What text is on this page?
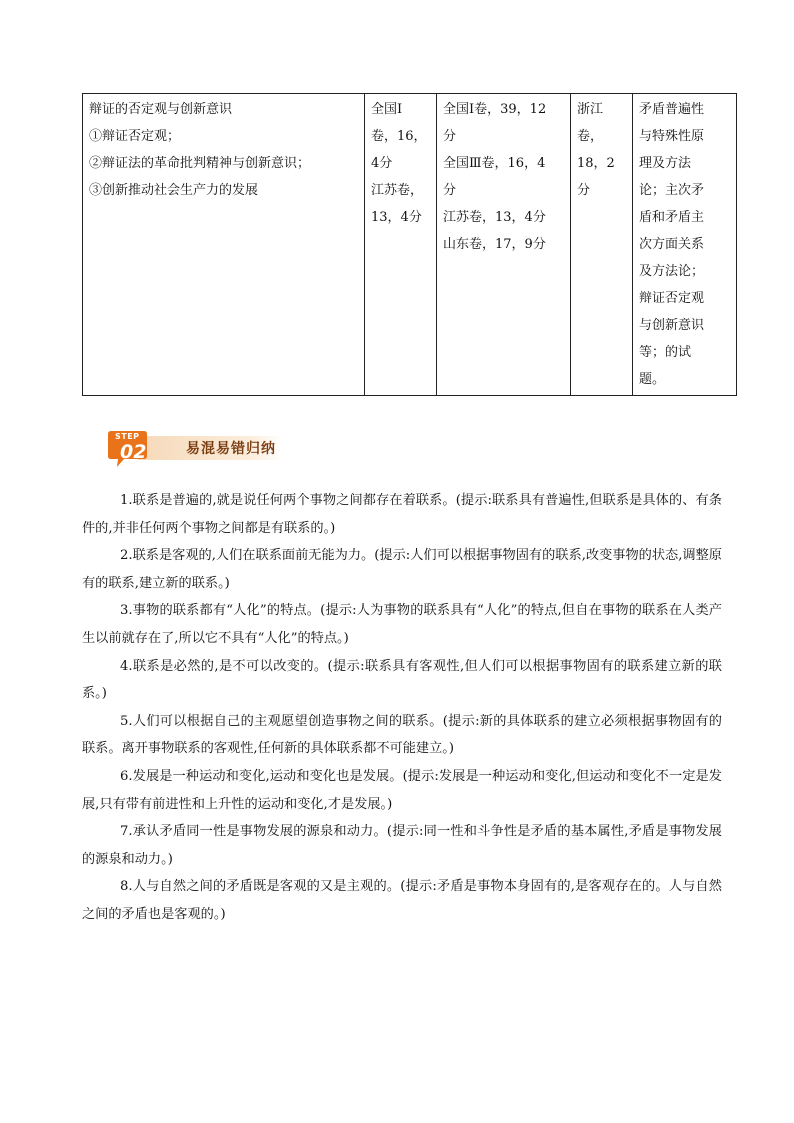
辩证的否定观与创新意识
①辩证否定观；
②辩证法的革命批判精神与创新意识；
③创新推动社会生产力的发展

全国Ⅰ
卷，16，
4分
江苏卷，
13，4分

全国Ⅰ卷，39，12
分
全国Ⅲ卷，16，4
分
江苏卷，13，4分
山东卷，17，9分

浙江
卷，
18，2
分

矛盾普遍性
与特殊性原
理及方法
论；主次矛
盾和矛盾主
次方面关系
及方法论；
辩证否定观
与创新意识
等；的试
题。
易混易错归纳
STEP
02

1.联系是普遍的,就是说任何两个事物之间都存在着联系。(提示:联系具有普遍性,但联系是具体的、有条件的,并非任何两个事物之间都是有联系的。)

2.联系是客观的,人们在联系面前无能为力。(提示:人们可以根据事物固有的联系,改变事物的状态,调整原有的联系,建立新的联系。)

3.事物的联系都有“人化”的特点。(提示:人为事物的联系具有“人化”的特点,但自在事物的联系在人类产生以前就存在了,所以它不具有“人化”的特点。)

4.联系是必然的,是不可以改变的。(提示:联系具有客观性,但人们可以根据事物固有的联系建立新的联系。)

5.人们可以根据自己的主观愿望创造事物之间的联系。(提示:新的具体联系的建立必须根据事物固有的联系。离开事物联系的客观性,任何新的具体联系都不可能建立。)

6.发展是一种运动和变化,运动和变化也是发展。(提示:发展是一种运动和变化,但运动和变化不一定是发展,只有带有前进性和上升性的运动和变化,才是发展。)

7.承认矛盾同一性是事物发展的源泉和动力。(提示:同一性和斗争性是矛盾的基本属性,矛盾是事物发展的源泉和动力。)

8.人与自然之间的矛盾既是客观的又是主观的。(提示:矛盾是事物本身固有的,是客观存在的。人与自然之间的矛盾也是客观的。)
